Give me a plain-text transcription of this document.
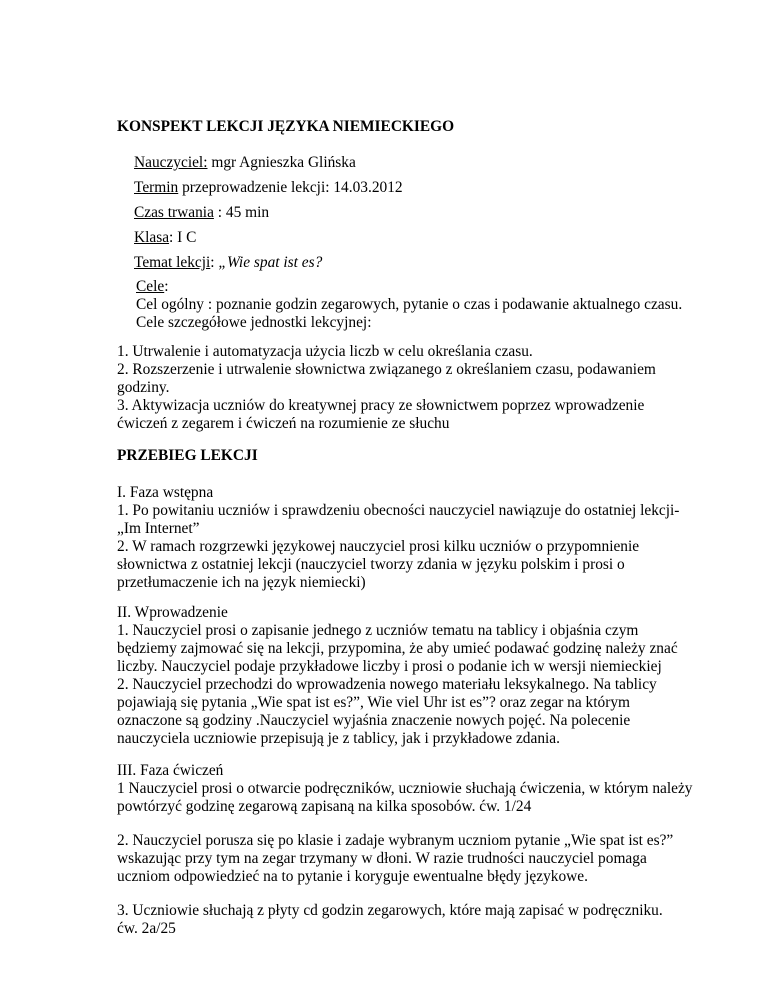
KONSPEKT LEKCJI JĘZYKA NIEMIECKIEGO
Nauczyciel: mgr Agnieszka Glińska
Termin przeprowadzenie lekcji: 14.03.2012
Czas trwania : 45 min
Klasa: I C
Temat lekcji: „Wie spat ist es?
Cele:
Cel ogólny : poznanie godzin zegarowych, pytanie o czas i podawanie aktualnego czasu.
Cele szczegółowe jednostki lekcyjnej:
1. Utrwalenie i automatyzacja użycia liczb w celu określania czasu.
2. Rozszerzenie i utrwalenie słownictwa związanego z określaniem czasu, podawaniem
godziny.
3. Aktywizacja uczniów do kreatywnej pracy ze słownictwem poprzez wprowadzenie
ćwiczeń z zegarem i ćwiczeń na rozumienie ze słuchu
PRZEBIEG LEKCJI
I. Faza wstępna
1. Po powitaniu uczniów i sprawdzeniu obecności nauczyciel nawiązuje do ostatniej lekcji-
„Im Internet”
2. W ramach rozgrzewki językowej nauczyciel prosi kilku uczniów o przypomnienie
słownictwa z ostatniej lekcji (nauczyciel tworzy zdania w języku polskim i prosi o
przetłumaczenie ich na język niemiecki)
II. Wprowadzenie
1. Nauczyciel prosi o zapisanie jednego z uczniów tematu na tablicy i objaśnia czym
będziemy zajmować się na lekcji, przypomina, że aby umieć podawać godzinę należy znać
liczby. Nauczyciel podaje przykładowe liczby i prosi o podanie ich w wersji niemieckiej
2. Nauczyciel przechodzi do wprowadzenia nowego materiału leksykalnego. Na tablicy
pojawiają się pytania „Wie spat ist es?”, Wie viel Uhr ist es”? oraz zegar na którym
oznaczone są godziny .Nauczyciel wyjaśnia znaczenie nowych pojęć. Na polecenie
nauczyciela uczniowie przepisują je z tablicy, jak i przykładowe zdania.
III. Faza ćwiczeń
1 Nauczyciel prosi o otwarcie podręczników, uczniowie słuchają ćwiczenia, w którym należy
powtórzyć godzinę zegarową zapisaną na kilka sposobów. ćw. 1/24
2. Nauczyciel porusza się po klasie i zadaje wybranym uczniom pytanie „Wie spat ist es?”
wskazując przy tym na zegar trzymany w dłoni. W razie trudności nauczyciel pomaga
uczniom odpowiedzieć na to pytanie i koryguje ewentualne błędy językowe.
3. Uczniowie słuchają z płyty cd godzin zegarowych, które mają zapisać w podręczniku.
ćw. 2a/25
